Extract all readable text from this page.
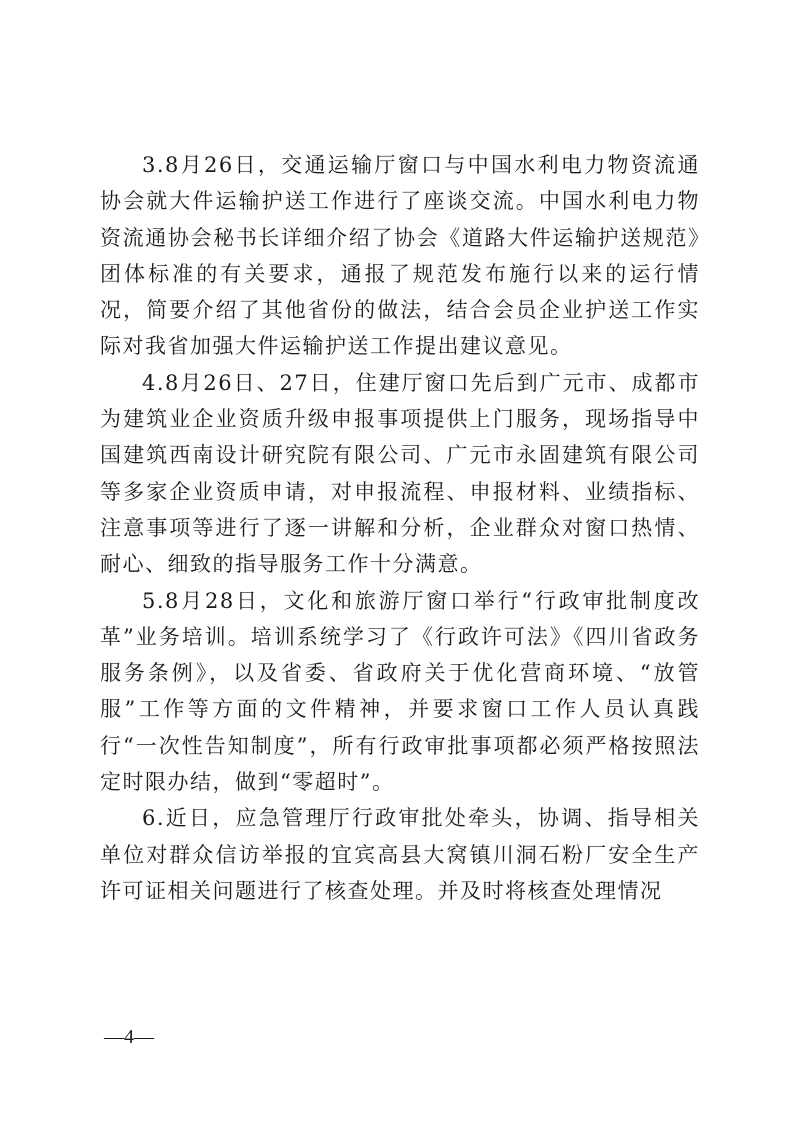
3.8月26日，交通运输厅窗口与中国水利电力物资流通协会就大件运输护送工作进行了座谈交流。中国水利电力物资流通协会秘书长详细介绍了协会《道路大件运输护送规范》团体标准的有关要求，通报了规范发布施行以来的运行情况，简要介绍了其他省份的做法，结合会员企业护送工作实际对我省加强大件运输护送工作提出建议意见。

4.8月26日、27日，住建厅窗口先后到广元市、成都市为建筑业企业资质升级申报事项提供上门服务，现场指导中国建筑西南设计研究院有限公司、广元市永固建筑有限公司等多家企业资质申请，对申报流程、申报材料、业绩指标、注意事项等进行了逐一讲解和分析，企业群众对窗口热情、耐心、细致的指导服务工作十分满意。

5.8月28日，文化和旅游厅窗口举行“行政审批制度改革”业务培训。培训系统学习了《行政许可法》《四川省政务服务条例》，以及省委、省政府关于优化营商环境、“放管服”工作等方面的文件精神，并要求窗口工作人员认真践行“一次性告知制度”，所有行政审批事项都必须严格按照法定时限办结，做到“零超时”。

6.近日，应急管理厅行政审批处牵头，协调、指导相关单位对群众信访举报的宜宾高县大窝镇川洞石粉厂安全生产许可证相关问题进行了核查处理。并及时将核查处理情况

—4—
